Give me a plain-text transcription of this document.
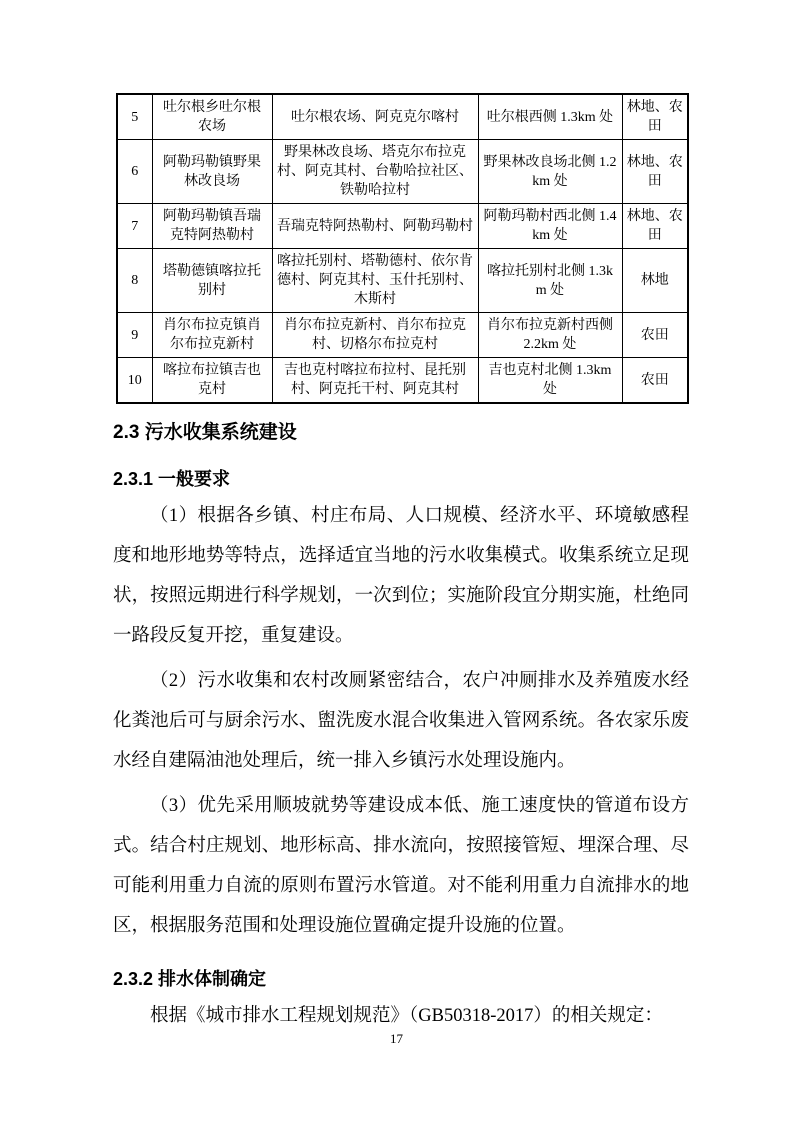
5	吐尔根乡吐尔根农场	吐尔根农场、阿克克尔喀村	吐尔根西侧 1.3km 处	林地、农田
6	阿勒玛勒镇野果林改良场	野果林改良场、塔克尔布拉克村、阿克其村、台勒哈拉社区、铁勒哈拉村	野果林改良场北侧 1.2km 处	林地、农田
7	阿勒玛勒镇吾瑞克特阿热勒村	吾瑞克特阿热勒村、阿勒玛勒村	阿勒玛勒村西北侧 1.4km 处	林地、农田
8	塔勒德镇喀拉托别村	喀拉托别村、塔勒德村、依尔肯德村、阿克其村、玉什托别村、木斯村	喀拉托别村北侧 1.3km 处	林地
9	肖尔布拉克镇肖尔布拉克新村	肖尔布拉克新村、肖尔布拉克村、切格尔布拉克村	肖尔布拉克新村西侧 2.2km 处	农田
10	喀拉布拉镇吉也克村	吉也克村喀拉布拉村、昆托别村、阿克托干村、阿克其村	吉也克村北侧 1.3km 处	农田
2.3 污水收集系统建设
2.3.1 一般要求

（1）根据各乡镇、村庄布局、人口规模、经济水平、环境敏感程度和地形地势等特点，选择适宜当地的污水收集模式。收集系统立足现状，按照远期进行科学规划，一次到位；实施阶段宜分期实施，杜绝同一路段反复开挖，重复建设。

（2）污水收集和农村改厕紧密结合，农户冲厕排水及养殖废水经化粪池后可与厨余污水、盥洗废水混合收集进入管网系统。各农家乐废水经自建隔油池处理后，统一排入乡镇污水处理设施内。

（3）优先采用顺坡就势等建设成本低、施工速度快的管道布设方式。结合村庄规划、地形标高、排水流向，按照接管短、埋深合理、尽可能利用重力自流的原则布置污水管道。对不能利用重力自流排水的地区，根据服务范围和处理设施位置确定提升设施的位置。

2.3.2 排水体制确定

根据《城市排水工程规划规范》（GB50318-2017）的相关规定：

17
